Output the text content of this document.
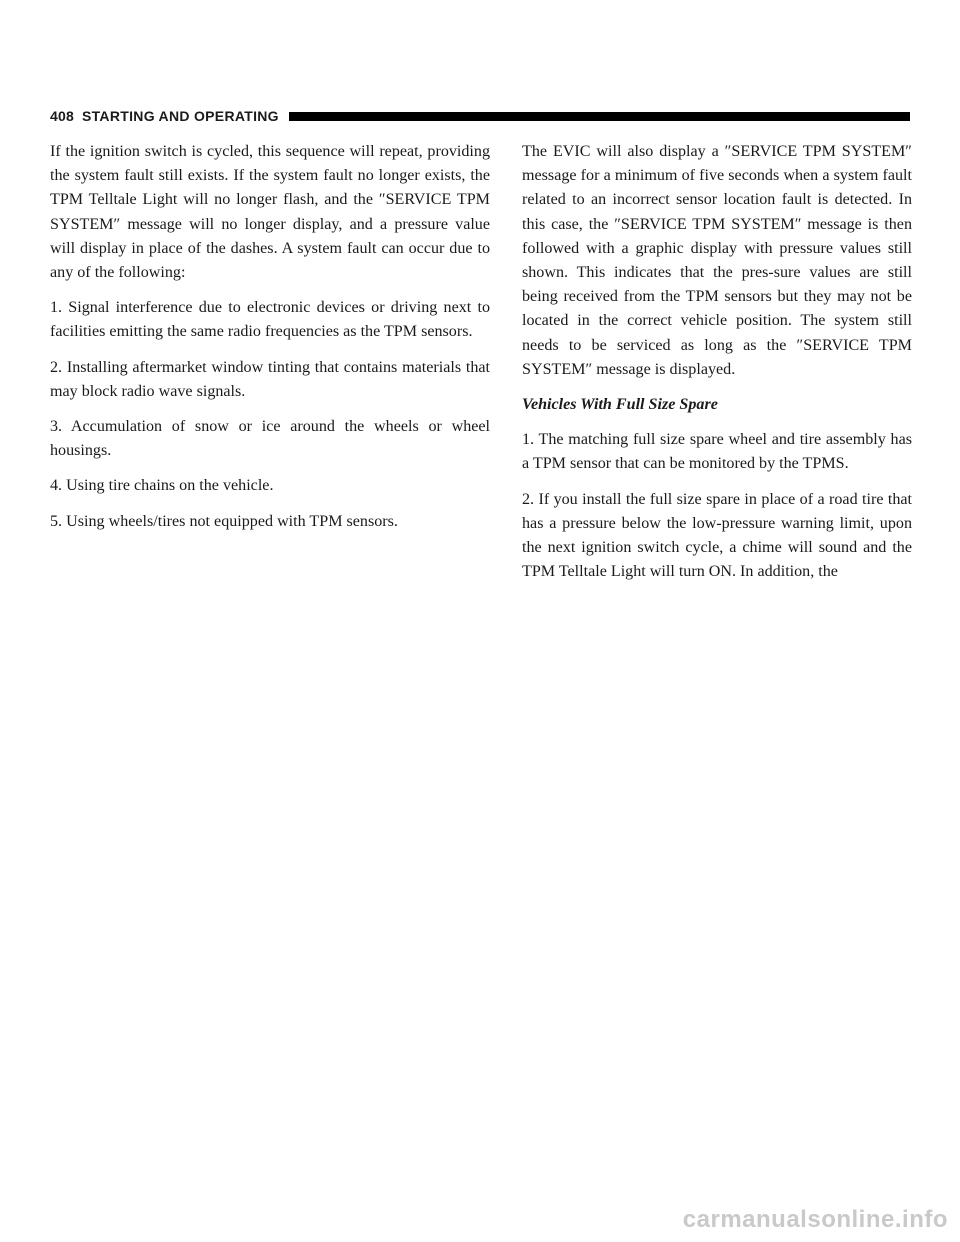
408 STARTING AND OPERATING

If the ignition switch is cycled, this sequence will repeat, providing the system fault still exists. If the system fault no longer exists, the TPM Telltale Light will no longer flash, and the ″SERVICE TPM SYSTEM″ message will no longer display, and a pressure value will display in place of the dashes. A system fault can occur due to any of the following:

1. Signal interference due to electronic devices or driving next to facilities emitting the same radio frequencies as the TPM sensors.

2. Installing aftermarket window tinting that contains materials that may block radio wave signals.

3. Accumulation of snow or ice around the wheels or wheel housings.

4. Using tire chains on the vehicle.

5. Using wheels/tires not equipped with TPM sensors.

The EVIC will also display a ″SERVICE TPM SYSTEM″ message for a minimum of five seconds when a system fault related to an incorrect sensor location fault is detected. In this case, the ″SERVICE TPM SYSTEM″ message is then followed with a graphic display with pressure values still shown. This indicates that the pres-sure values are still being received from the TPM sensors but they may not be located in the correct vehicle position. The system still needs to be serviced as long as the ″SERVICE TPM SYSTEM″ message is displayed.

Vehicles With Full Size Spare

1. The matching full size spare wheel and tire assembly has a TPM sensor that can be monitored by the TPMS.

2. If you install the full size spare in place of a road tire that has a pressure below the low-pressure warning limit, upon the next ignition switch cycle, a chime will sound and the TPM Telltale Light will turn ON. In addition, the

carmanualsonline.info
